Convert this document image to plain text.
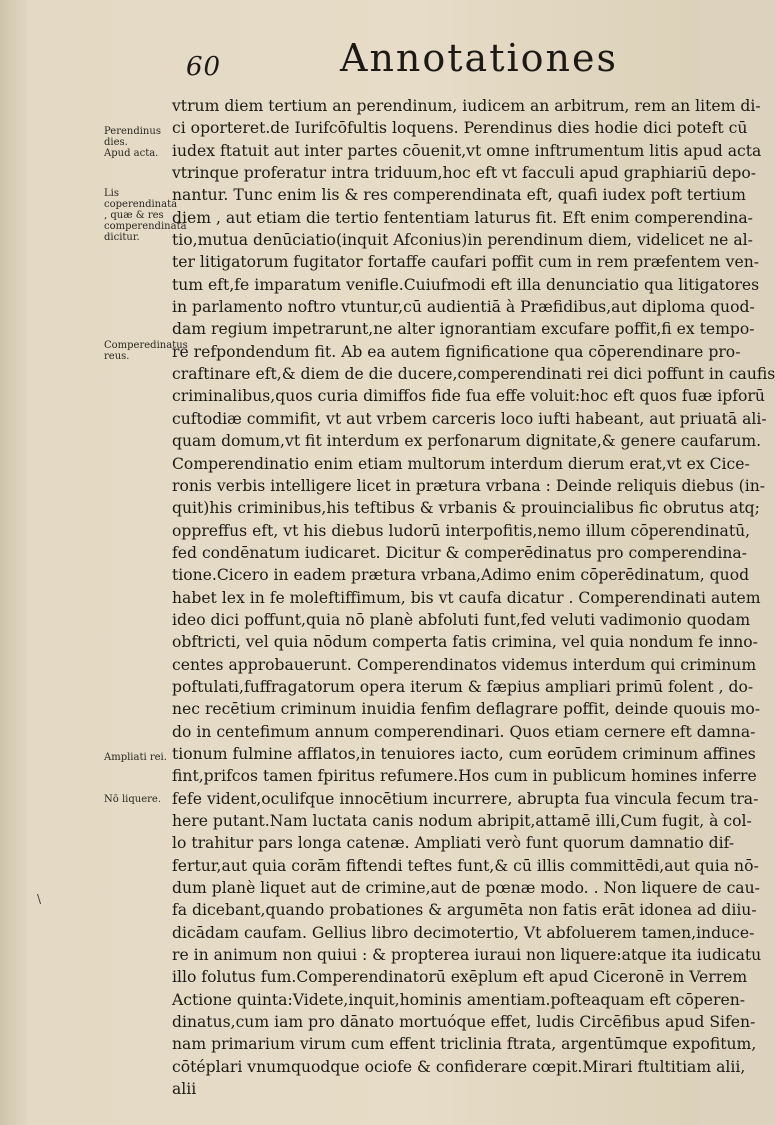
60	Annotationes
Perendinus dies.
Apud acta.
Lis coperendinata , quæ & res comperendinata dicitur.
Comperedinatus reus.
Ampliati rei.
Nō liquere.
\
vtrum diem tertium an perendinum, iudicem an arbitrum, rem an litem di-
ci oporteret.de Iurifcōfultis loquens. Perendinus dies hodie dici poteft cū
iudex ftatuit aut inter partes cōuenit,vt omne inftrumentum litis apud acta
vtrinque proferatur intra triduum,hoc eft vt facculi apud graphiariū depo-
nantur. Tunc enim lis & res comperendinata eft, quafi iudex poft tertium
diem , aut etiam die tertio fententiam laturus fit. Eft enim comperendina-
tio,mutua denūciatio(inquit Afconius)in perendinum diem, videlicet ne al-
ter litigatorum fugitator fortaffe caufari poffit cum in rem præfentem ven-
tum eft,fe imparatum venifle.Cuiufmodi eft illa denunciatio qua litigatores
in parlamento noftro vtuntur,cū audientiā à Præfidibus,aut diploma quod-
dam regium impetrarunt,ne alter ignorantiam excufare poffit,fi ex tempo-
re refpondendum fit. Ab ea autem fignificatione qua cōperendinare pro-
craftinare eft,& diem de die ducere,comperendinati rei dici poffunt in caufis
criminalibus,quos curia dimiffos fide fua effe voluit:hoc eft quos fuæ ipforū
cuftodiæ commifit, vt aut vrbem carceris loco iufti habeant, aut priuatā ali-
quam domum,vt fit interdum ex perfonarum dignitate,& genere caufarum.
Comperendinatio enim etiam multorum interdum dierum erat,vt ex Cice-
ronis verbis intelligere licet in prætura vrbana : Deinde reliquis diebus (in-
quit)his criminibus,his teftibus & vrbanis & prouincialibus fic obrutus atq;
oppreffus eft, vt his diebus ludorū interpofitis,nemo illum cōperendinatū,
fed condēnatum iudicaret. Dicitur & comperēdinatus pro comperendina-
tione.Cicero in eadem prætura vrbana,Adimo enim cōperēdinatum, quod
habet lex in fe moleftiffimum, bis vt caufa dicatur . Comperendinati autem
ideo dici poffunt,quia nō planè abfoluti funt,fed veluti vadimonio quodam
obftricti, vel quia nōdum comperta fatis crimina, vel quia nondum fe inno-
centes approbauerunt. Comperendinatos videmus interdum qui criminum
poftulati,fuffragatorum opera iterum & fæpius ampliari primū folent , do-
nec recētium criminum inuidia fenfim deflagrare poffit, deinde quouis mo-
do in centefimum annum comperendinari. Quos etiam cernere eft damna-
tionum fulmine afflatos,in tenuiores iacto, cum eorūdem criminum affines
fint,prifcos tamen fpiritus refumere.Hos cum in publicum homines inferre
fefe vident,oculifque innocētium incurrere, abrupta fua vincula fecum tra-
here putant.Nam luctata canis nodum abripit,attamē illi,Cum fugit, à col-
lo trahitur pars longa catenæ. Ampliati verò funt quorum damnatio dif-
fertur,aut quia corām fiftendi teftes funt,& cū illis committēdi,aut quia nō-
dum planè liquet aut de crimine,aut de pœnæ modo. . Non liquere de cau-
fa dicebant,quando probationes & argumēta non fatis erāt idonea ad diiu-
dicādam caufam. Gellius libro decimotertio, Vt abfoluerem tamen,induce-
re in animum non quiui : & propterea iuraui non liquere:atque ita iudicatu
illo folutus fum.Comperendinatorū exēplum eft apud Ciceronē in Verrem
Actione quinta:Videte,inquit,hominis amentiam.pofteaquam eft cōperen-
dinatus,cum iam pro dānato mortuóque effet, ludis Circēfibus apud Sifen-
nam primarium virum cum effent triclinia ftrata, argentūmque expofitum,
cōtéplari vnumquodque ociofe & confiderare cœpit.Mirari ftultitiam alii,
alii
